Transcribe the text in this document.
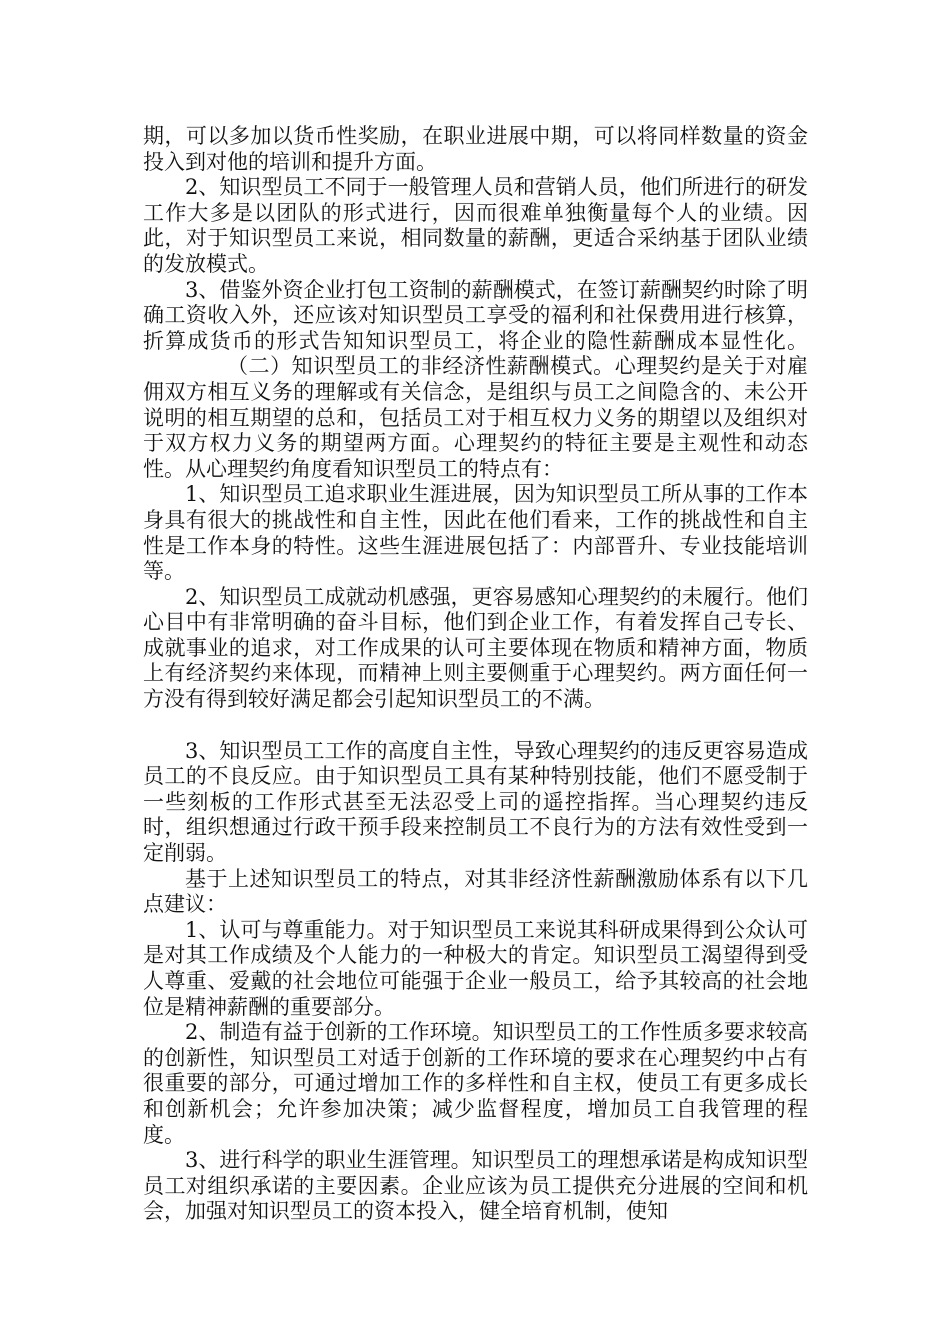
期，可以多加以货币性奖励，在职业进展中期，可以将同样数量的资金投入到对他的培训和提升方面。

2、知识型员工不同于一般管理人员和营销人员，他们所进行的研发工作大多是以团队的形式进行，因而很难单独衡量每个人的业绩。因此，对于知识型员工来说，相同数量的薪酬，更适合采纳基于团队业绩的发放模式。

3、借鉴外资企业打包工资制的薪酬模式，在签订薪酬契约时除了明确工资收入外，还应该对知识型员工享受的福利和社保费用进行核算，折算成货币的形式告知知识型员工，将企业的隐性薪酬成本显性化。（二）知识型员工的非经济性薪酬模式。心理契约是关于对雇佣双方相互义务的理解或有关信念，是组织与员工之间隐含的、未公开说明的相互期望的总和，包括员工对于相互权力义务的期望以及组织对于双方权力义务的期望两方面。心理契约的特征主要是主观性和动态性。从心理契约角度看知识型员工的特点有：

1、知识型员工追求职业生涯进展，因为知识型员工所从事的工作本身具有很大的挑战性和自主性，因此在他们看来，工作的挑战性和自主性是工作本身的特性。这些生涯进展包括了：内部晋升、专业技能培训等。

2、知识型员工成就动机感强，更容易感知心理契约的未履行。他们心目中有非常明确的奋斗目标，他们到企业工作，有着发挥自己专长、成就事业的追求，对工作成果的认可主要体现在物质和精神方面，物质上有经济契约来体现，而精神上则主要侧重于心理契约。两方面任何一方没有得到较好满足都会引起知识型员工的不满。

3、知识型员工工作的高度自主性，导致心理契约的违反更容易造成员工的不良反应。由于知识型员工具有某种特别技能，他们不愿受制于一些刻板的工作形式甚至无法忍受上司的遥控指挥。当心理契约违反时，组织想通过行政干预手段来控制员工不良行为的方法有效性受到一定削弱。

基于上述知识型员工的特点，对其非经济性薪酬激励体系有以下几点建议：

1、认可与尊重能力。对于知识型员工来说其科研成果得到公众认可是对其工作成绩及个人能力的一种极大的肯定。知识型员工渴望得到受人尊重、爱戴的社会地位可能强于企业一般员工，给予其较高的社会地位是精神薪酬的重要部分。

2、制造有益于创新的工作环境。知识型员工的工作性质多要求较高的创新性，知识型员工对适于创新的工作环境的要求在心理契约中占有很重要的部分，可通过增加工作的多样性和自主权，使员工有更多成长和创新机会；允许参加决策；减少监督程度，增加员工自我管理的程度。

3、进行科学的职业生涯管理。知识型员工的理想承诺是构成知识型员工对组织承诺的主要因素。企业应该为员工提供充分进展的空间和机会，加强对知识型员工的资本投入，健全培育机制，使知
